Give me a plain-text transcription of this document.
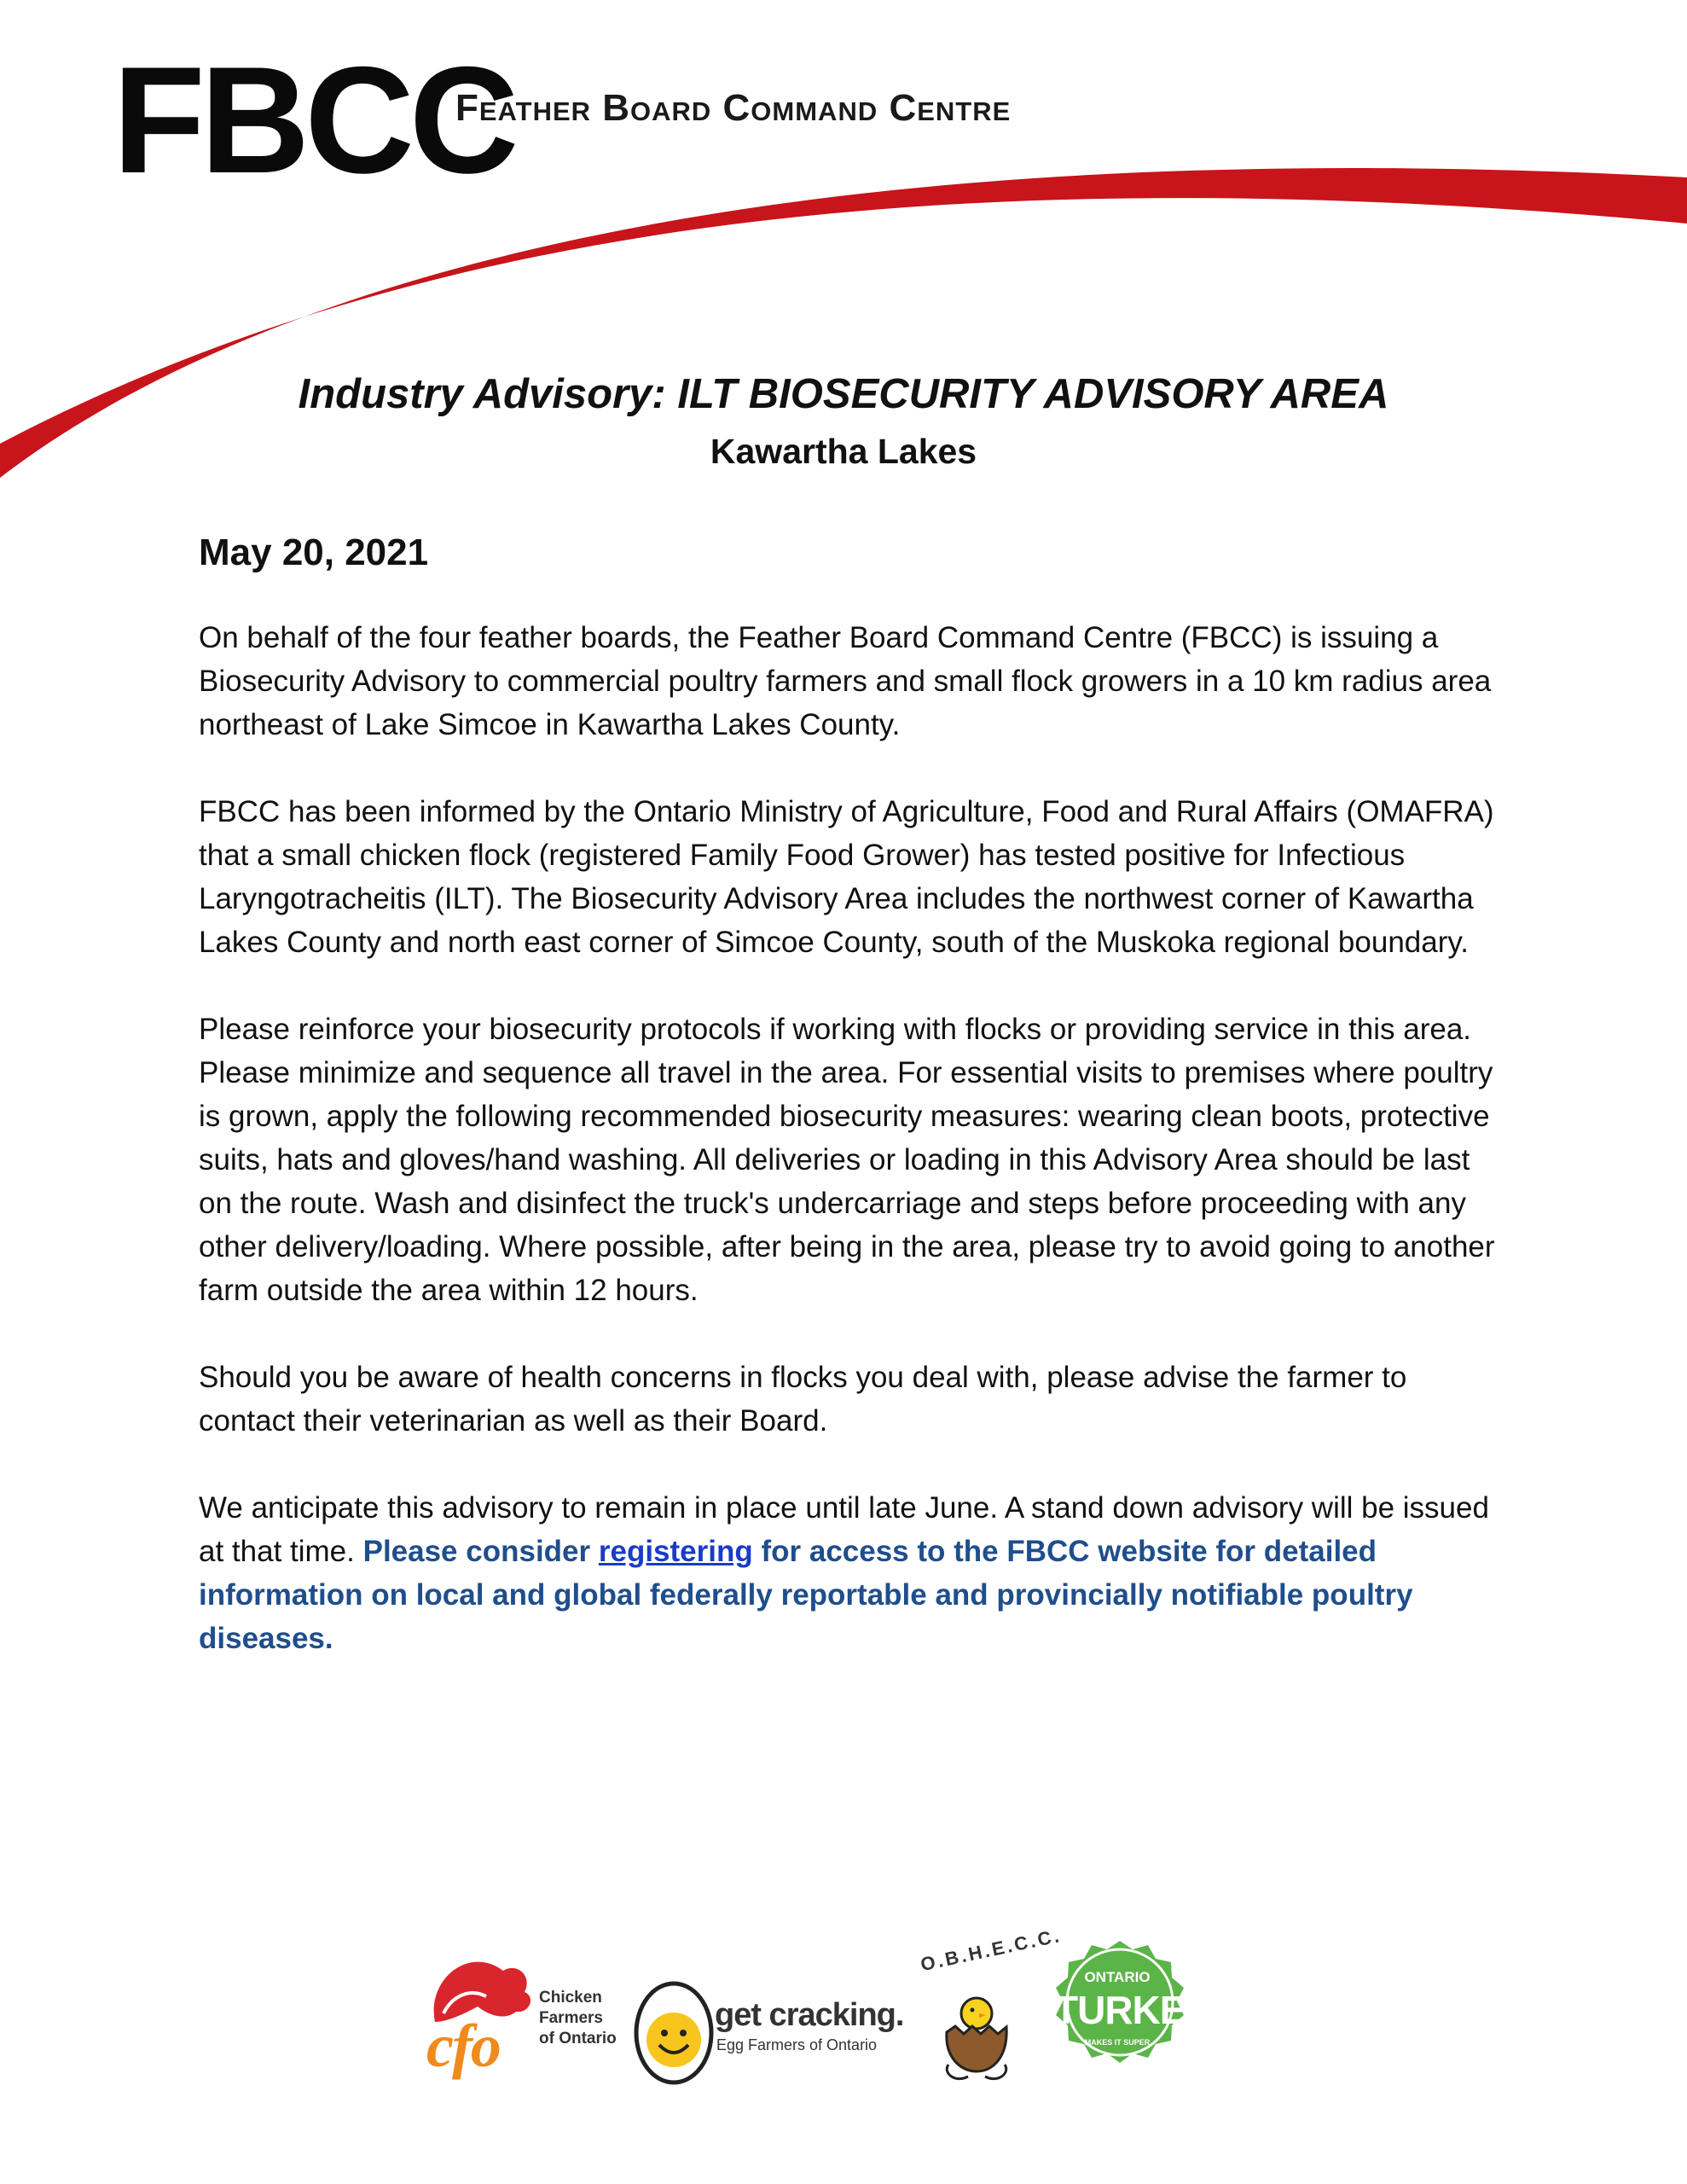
FBCC
Feather Board Command Centre
Industry Advisory: ILT BIOSECURITY ADVISORY AREA
Kawartha Lakes
May 20, 2021

On behalf of the four feather boards, the Feather Board Command Centre (FBCC) is issuing a Biosecurity Advisory to commercial poultry farmers and small flock growers in a 10 km radius area northeast of Lake Simcoe in Kawartha Lakes County.

FBCC has been informed by the Ontario Ministry of Agriculture, Food and Rural Affairs (OMAFRA) that a small chicken flock (registered Family Food Grower) has tested positive for Infectious Laryngotracheitis (ILT). The Biosecurity Advisory Area includes the northwest corner of Kawartha Lakes County and north east corner of Simcoe County, south of the Muskoka regional boundary.

Please reinforce your biosecurity protocols if working with flocks or providing service in this area. Please minimize and sequence all travel in the area. For essential visits to premises where poultry is grown, apply the following recommended biosecurity measures: wearing clean boots, protective suits, hats and gloves/hand washing. All deliveries or loading in this Advisory Area should be last on the route. Wash and disinfect the truck's undercarriage and steps before proceeding with any other delivery/loading. Where possible, after being in the area, please try to avoid going to another farm outside the area within 12 hours.

Should you be aware of health concerns in flocks you deal with, please advise the farmer to contact their veterinarian as well as their Board.

We anticipate this advisory to remain in place until late June. A stand down advisory will be issued at that time. Please consider registering for access to the FBCC website for detailed information on local and global federally reportable and provincially notifiable poultry diseases.

cfo
Chicken
Farmers
of Ontario
get cracking.
Egg Farmers of Ontario
O.B.H.E.C.C.
ONTARIO
TURKEY
MAKES IT SUPER
